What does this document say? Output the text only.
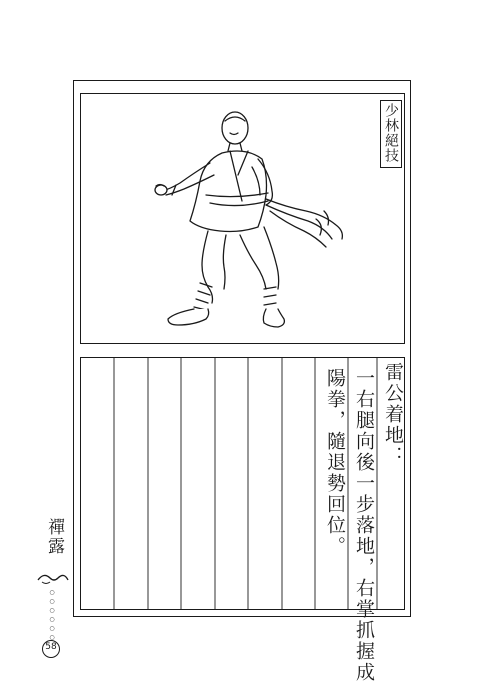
少林絕技
雷公着地：
一右腿向後一步落地，右掌抓握成
陽拳，隨退勢回位。
禪露
○
○
○
○
○
○
58
